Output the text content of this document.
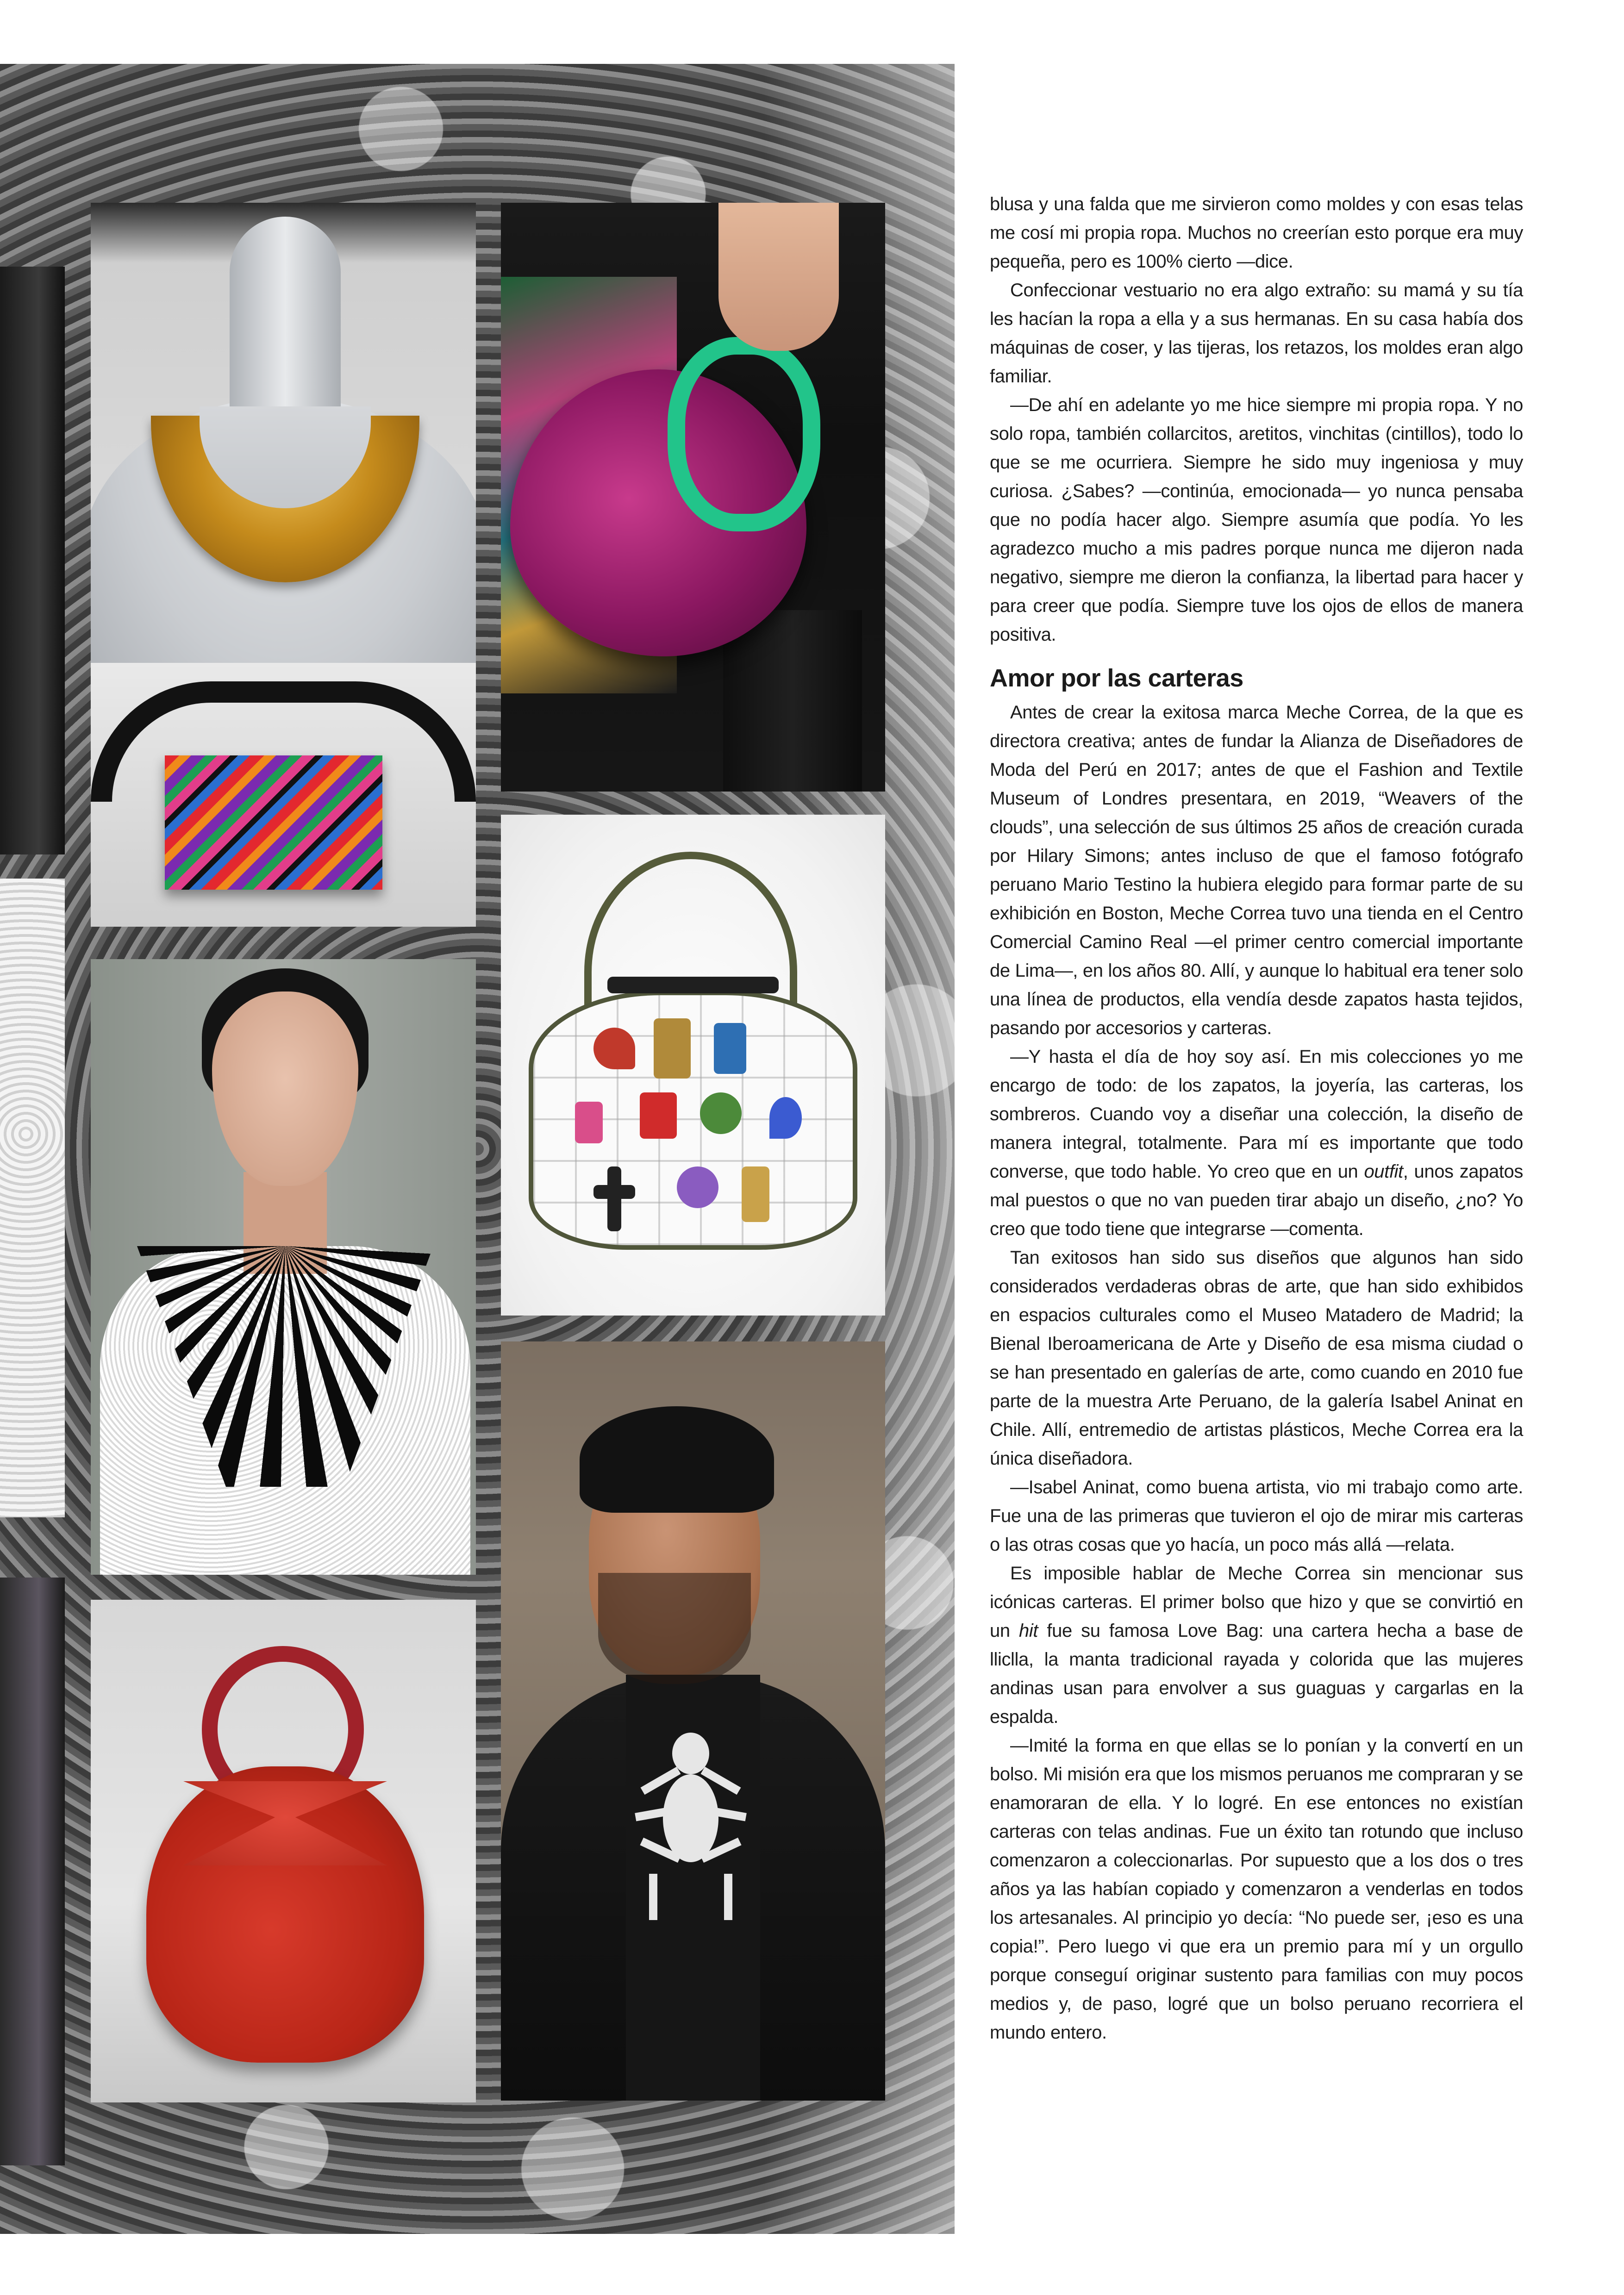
blusa y una falda que me sirvieron como moldes y con esas telas me cosí mi propia ropa. Muchos no creerían esto porque era muy pequeña, pero es 100% cierto —dice.

Confeccionar vestuario no era algo extraño: su mamá y su tía les hacían la ropa a ella y a sus hermanas. En su casa había dos máquinas de coser, y las tijeras, los retazos, los moldes eran algo familiar.

—De ahí en adelante yo me hice siempre mi propia ropa. Y no solo ropa, también collarcitos, aretitos, vinchitas (cintillos), todo lo que se me ocurriera. Siempre he sido muy ingeniosa y muy curiosa. ¿Sabes? —continúa, emocionada— yo nunca pensaba que no podía hacer algo. Siempre asumía que podía. Yo les agradezco mucho a mis padres porque nunca me dijeron nada negativo, siempre me dieron la confianza, la libertad para hacer y para creer que podía. Siempre tuve los ojos de ellos de manera positiva.

Amor por las carteras

Antes de crear la exitosa marca Meche Correa, de la que es directora creativa; antes de fundar la Alianza de Diseñadores de Moda del Perú en 2017; antes de que el Fashion and Textile Museum of Londres presentara, en 2019, “Weavers of the clouds”, una selección de sus últimos 25 años de creación curada por Hilary Simons; antes incluso de que el famoso fotógrafo peruano Mario Testino la hubiera elegido para formar parte de su exhibición en Boston, Meche Correa tuvo una tienda en el Centro Comercial Camino Real —el primer centro comercial importante de Lima—, en los años 80. Allí, y aunque lo habitual era tener solo una línea de productos, ella vendía desde zapatos hasta tejidos, pasando por accesorios y carteras.

—Y hasta el día de hoy soy así. En mis colecciones yo me encargo de todo: de los zapatos, la joyería, las carteras, los sombreros. Cuando voy a diseñar una colección, la diseño de manera integral, totalmente. Para mí es importante que todo converse, que todo hable. Yo creo que en un outfit, unos zapatos mal puestos o que no van pueden tirar abajo un diseño, ¿no? Yo creo que todo tiene que integrarse —comenta.

Tan exitosos han sido sus diseños que algunos han sido considerados verdaderas obras de arte, que han sido exhibidos en espacios culturales como el Museo Matadero de Madrid; la Bienal Iberoamericana de Arte y Diseño de esa misma ciudad o se han presentado en galerías de arte, como cuando en 2010 fue parte de la muestra Arte Peruano, de la galería Isabel Aninat en Chile. Allí, entremedio de artistas plásticos, Meche Correa era la única diseñadora.

—Isabel Aninat, como buena artista, vio mi trabajo como arte. Fue una de las primeras que tuvieron el ojo de mirar mis carteras o las otras cosas que yo hacía, un poco más allá —relata.

Es imposible hablar de Meche Correa sin mencionar sus icónicas carteras. El primer bolso que hizo y que se convirtió en un hit fue su famosa Love Bag: una cartera hecha a base de lliclla, la manta tradicional rayada y colorida que las mujeres andinas usan para envolver a sus guaguas y cargarlas en la espalda.

—Imité la forma en que ellas se lo ponían y la convertí en un bolso. Mi misión era que los mismos peruanos me compraran y se enamoraran de ella. Y lo logré. En ese entonces no existían carteras con telas andinas. Fue un éxito tan rotundo que incluso comenzaron a coleccionarlas. Por supuesto que a los dos o tres años ya las habían copiado y comenzaron a venderlas en todos los artesanales. Al principio yo decía: “No puede ser, ¡eso es una copia!”. Pero luego vi que era un premio para mí y un orgullo porque conseguí originar sustento para familias con muy pocos medios y, de paso, logré que un bolso peruano recorriera el mundo entero.
